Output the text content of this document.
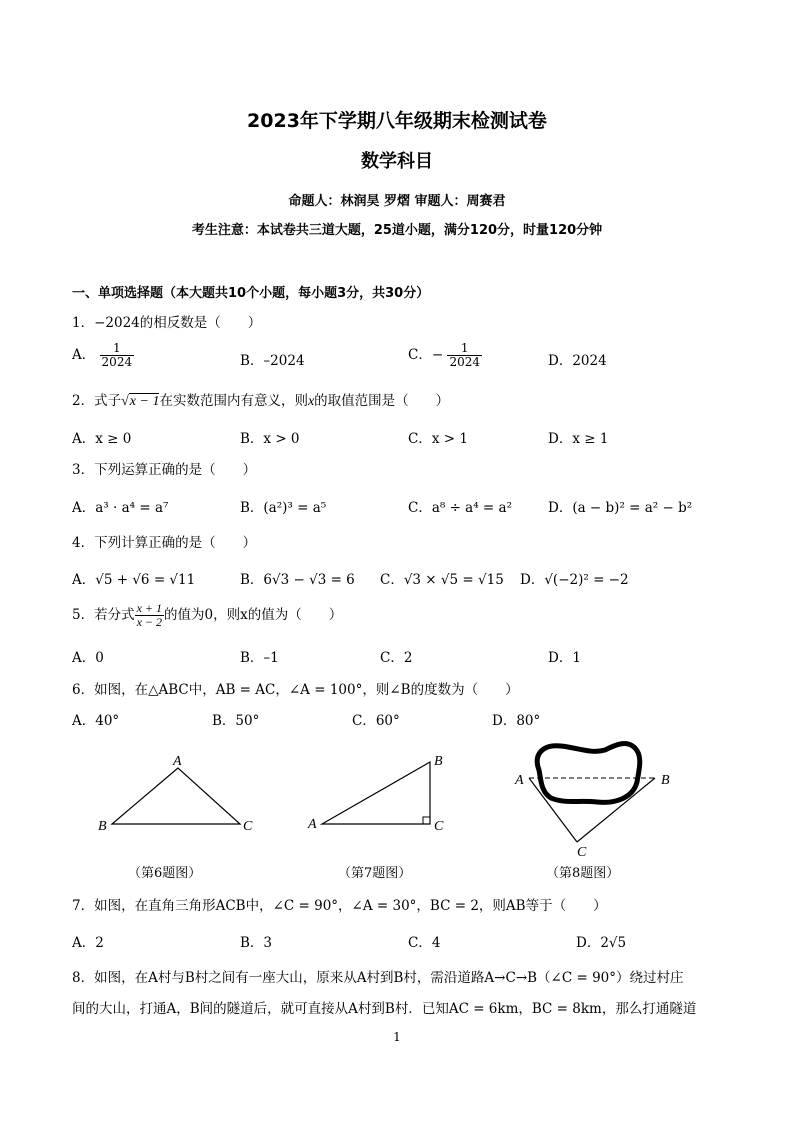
2023年下学期八年级期末检测试卷
数学科目
命题人：林润昊 罗熠 审题人：周赛君
考生注意：本试卷共三道大题，25道小题，满分120分，时量120分钟
一、单项选择题（本大题共10个小题，每小题3分，共30分）
1．−2024的相反数是（　　）
A． $\frac{1}{2024}$	B．–2024	C．− $\frac{1}{2024}$	D．2024
2．式子√x − 1在实数范围内有意义，则x的取值范围是（　　）
A．x ≥ 0	B．x > 0	C．x > 1	D．x ≥ 1
3．下列运算正确的是（　　）
A．a³ · a⁴ = a⁷	B．(a²)³ = a⁵	C．a⁸ ÷ a⁴ = a²	D．(a − b)² = a² − b²
4．下列计算正确的是（　　）
A．√5 + √6 = √11	B．6√3 − √3 = 6 C．√3 × √5 = √15 D．√(−2)² = −2
5．若分式 $\frac{x + 1}{x - 2}$ 的值为0，则x的值为（　　）
A．0	B．–1	C．2	D．1
6．如图，在△ABC中，AB = AC，∠A = 100°，则∠B的度数为（　　）
A．40°	B．50°	C．60°	D．80°
A
B	C
（第6题图）
A
B
C
（第7题图）
A	B
C
（第8题图）
7．如图，在直角三角形ACB中，∠C = 90°，∠A = 30°，BC = 2，则AB等于（　　）
A．2	B．3	C．4	D．2√5
8．如图，在A村与B村之间有一座大山，原来从A村到B村，需沿道路A→C→B（∠C = 90°）绕过村庄
间的大山，打通A，B间的隧道后，就可直接从A村到B村．已知AC = 6km，BC = 8km，那么打通隧道
1
